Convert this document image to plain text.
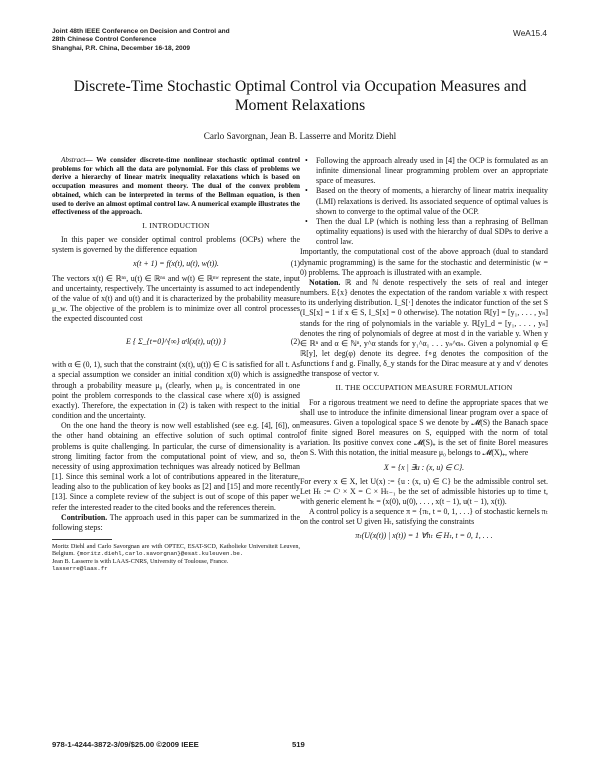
Joint 48th IEEE Conference on Decision and Control and
28th Chinese Control Conference
Shanghai, P.R. China, December 16-18, 2009
WeA15.4
Discrete-Time Stochastic Optimal Control via Occupation Measures and
Moment Relaxations
Carlo Savorgnan, Jean B. Lasserre and Moritz Diehl

Abstract— We consider discrete-time nonlinear stochastic optimal control problems for which all the data are polynomial. For this class of problems we derive a hierarchy of linear matrix inequality relaxations which is based on occupation measures and moment theory. The dual of the convex problem obtained, which can be interpreted in terms of the Bellman equation, is then used to derive an almost optimal control law. A numerical example illustrates the effectiveness of the approach.

I. INTRODUCTION

In this paper we consider optimal control problems (OCPs) where the system is governed by the difference equation

x(t + 1) = f(x(t), u(t), w(t)).	(1)

The vectors x(t) ∈ ℝⁿˣ, u(t) ∈ ℝⁿᵘ and w(t) ∈ ℝⁿʷ represent the state, input and uncertainty, respectively. The uncertainty is assumed to act independently of the value of x(t) and u(t) and it is characterized by the probability measure μ_w. The objective of the problem is to minimize over all control processes the expected discounted cost

E { Σ_{t=0}^{∞} αᵗl(x(t), u(t)) }	(2)

with α ∈ (0, 1), such that the constraint (x(t), u(t)) ∈ C is satisfied for all t. As a special assumption we consider an initial condition x(0) which is assigned through a probability measure μ₀ (clearly, when μ₀ is concentrated in one point the problem corresponds to the classical case where x(0) is assigned exactly). Therefore, the expectation in (2) is taken with respect to the initial condition and the uncertainty.

On the one hand the theory is now well established (see e.g. [4], [6]), on the other hand obtaining an effective solution of such optimal control problems is quite challenging. In particular, the curse of dimensionality is a strong limiting factor from the computational point of view, and so, the necessity of using approximation techniques was already noticed by Bellman [1]. Since this seminal work a lot of contributions appeared in the literature, leading also to the publication of key books as [2] and [15] and more recently [13]. Since a complete review of the subject is out of scope of this paper we refer the interested reader to the cited books and the references therein.

Contribution. The approach used in this paper can be summarized in the following steps:

Moritz Diehl and Carlo Savorgnan are with OPTEC, ESAT-SCD, Katholieke Universiteit Leuven, Belgium. {moritz.diehl,carlo.savorgnan}@esat.kuleuven.be.
Jean B. Lasserre is with LAAS-CNRS, University of Toulouse, France.
lasserre@laas.fr

• Following the approach already used in [4] the OCP is formulated as an infinite dimensional linear programming problem over an appropriate space of measures.
• Based on the theory of moments, a hierarchy of linear matrix inequality (LMI) relaxations is derived. Its associated sequence of optimal values is shown to converge to the optimal value of the OCP.
• Then the dual LP (which is nothing less than a rephrasing of Bellman optimality equations) is used with the hierarchy of dual SDPs to derive a control law.

Importantly, the computational cost of the above approach (dual to standard dynamic programming) is the same for the stochastic and deterministic (w = 0) problems. The approach is illustrated with an example.

Notation. ℝ and ℕ denote respectively the sets of real and integer numbers. E{x} denotes the expectation of the random variable x with respect to its underlying distribution. I_S[·] denotes the indicator function of the set S (I_S[x] = 1 if x ∈ S, I_S[x] = 0 otherwise). The notation ℝ[y] = [y₁, . . . , yₙ] stands for the ring of polynomials in the variable y. ℝ[y]_d = [y₁, . . . , yₙ] denotes the ring of polynomials of degree at most d in the variable y. When y ∈ ℝⁿ and α ∈ ℕⁿ, y^α stands for y₁^α₁ . . . yₙ^αₙ. Given a polynomial φ ∈ ℝ[y], let deg(φ) denote its degree. f∘g denotes the composition of the functions f and g. Finally, δ_y stands for the Dirac measure at y and v′ denotes the transpose of vector v.

II. THE OCCUPATION MEASURE FORMULATION

For a rigorous treatment we need to define the appropriate spaces that we shall use to introduce the infinite dimensional linear program over a space of measures. Given a topological space S we denote by 𝓜(S) the Banach space of finite signed Borel measures on S, equipped with the norm of total variation. Its positive convex cone 𝓜(S)₊ is the set of finite Borel measures on S. With this notation, the initial measure μ₀ belongs to 𝓜(X)₊, where

X = {x | ∃u : (x, u) ∈ C}.

For every x ∈ X, let U(x) := {u : (x, u) ∈ C} be the admissible control set. Let Hₜ := Cᵗ × X = C × Hₜ₋₁ be the set of admissible histories up to time t, with generic element hₜ = (x(0), u(0), . . . , x(t − 1), u(t − 1), x(t)).

A control policy is a sequence π = {πₜ, t = 0, 1, . . .} of stochastic kernels πₜ on the control set U given Hₜ, satisfying the constraints

πₜ(U(x(t)) | x(t)) = 1 ∀hₜ ∈ Hₜ, t = 0, 1, . . .
978-1-4244-3872-3/09/$25.00 ©2009 IEEE	519
